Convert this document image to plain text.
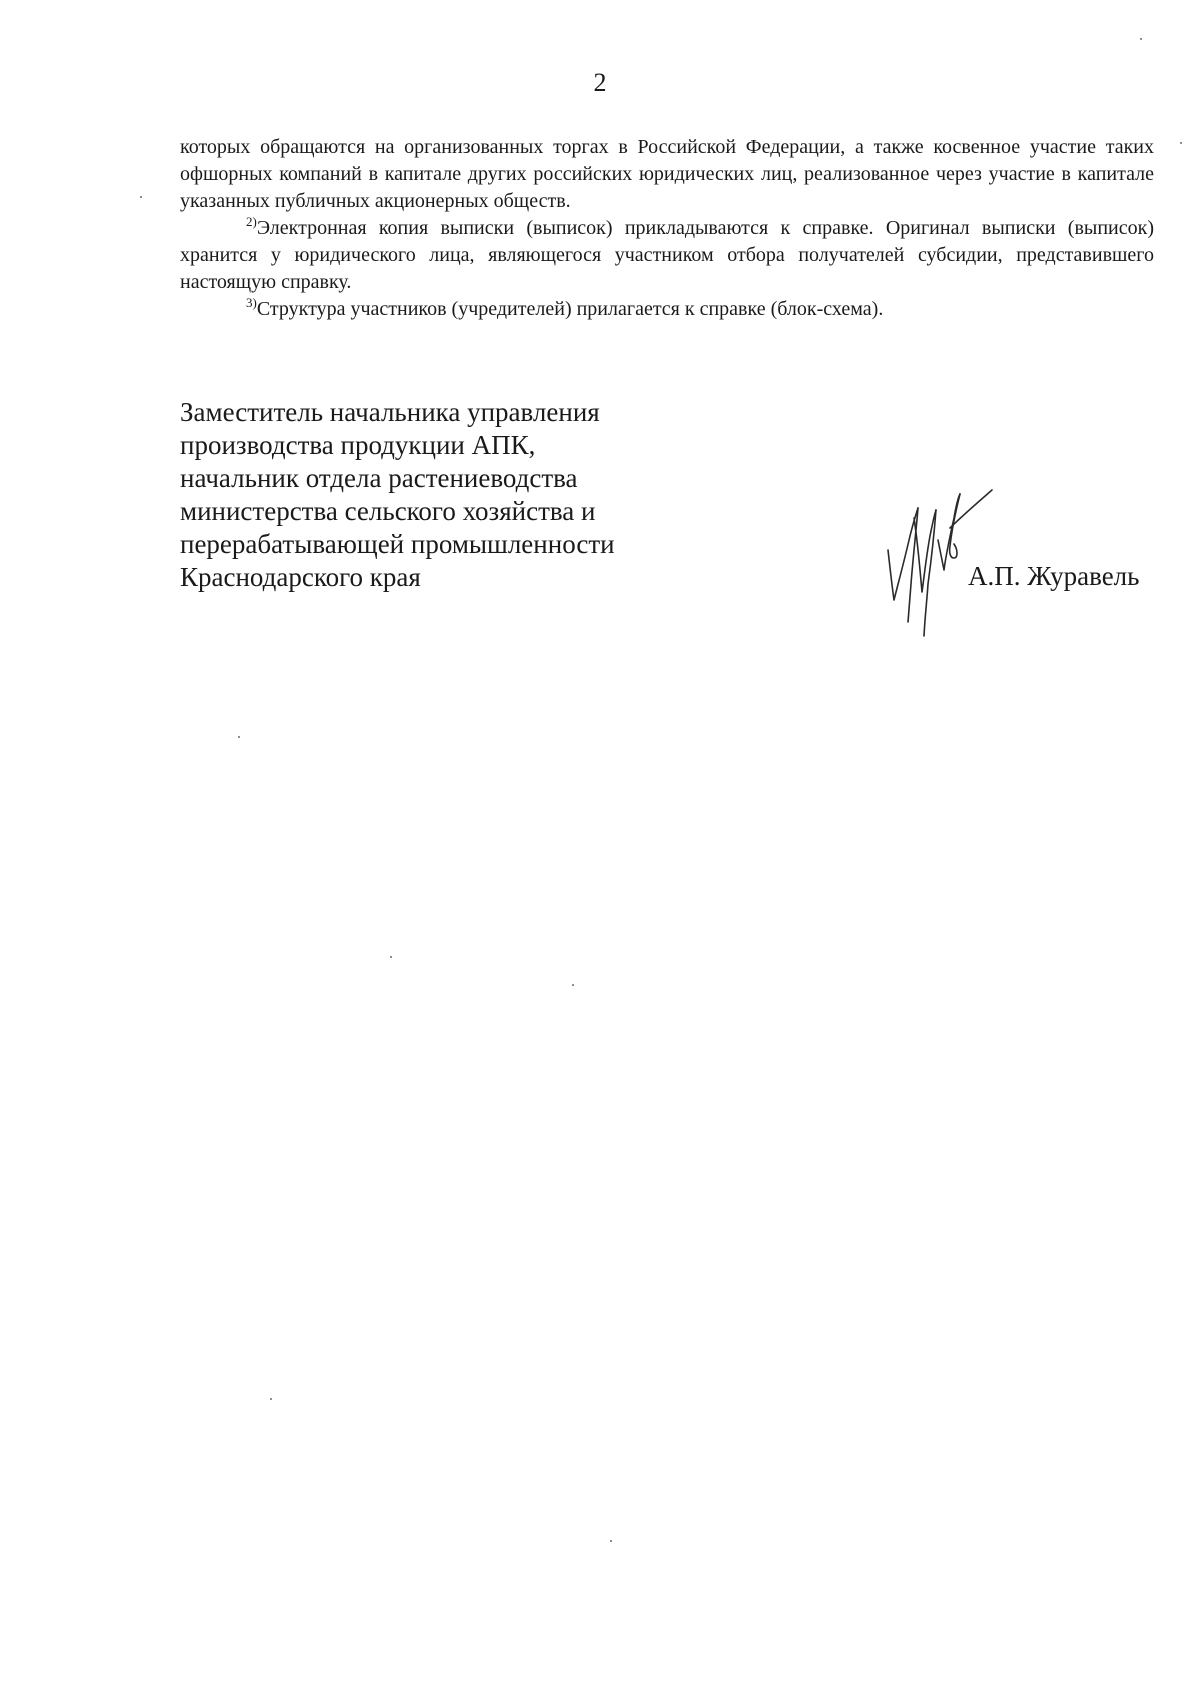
2

которых обращаются на организованных торгах в Российской Федерации, а также косвенное участие таких офшорных компаний в капитале других российских юридических лиц, реализованное через участие в капитале указанных публичных акционерных обществ.

$^{2)}$Электронная копия выписки (выписок) прикладываются к справке. Оригинал выписки (выписок) хранится у юридического лица, являющегося участником отбора получателей субсидии, представившего настоящую справку.

$^{3)}$Структура участников (учредителей) прилагается к справке (блок-схема).

Заместитель начальника управления
производства продукции АПК,
начальник отдела растениеводства
министерства сельского хозяйства и
перерабатывающей промышленности
Краснодарского края	А.П. Журавель
